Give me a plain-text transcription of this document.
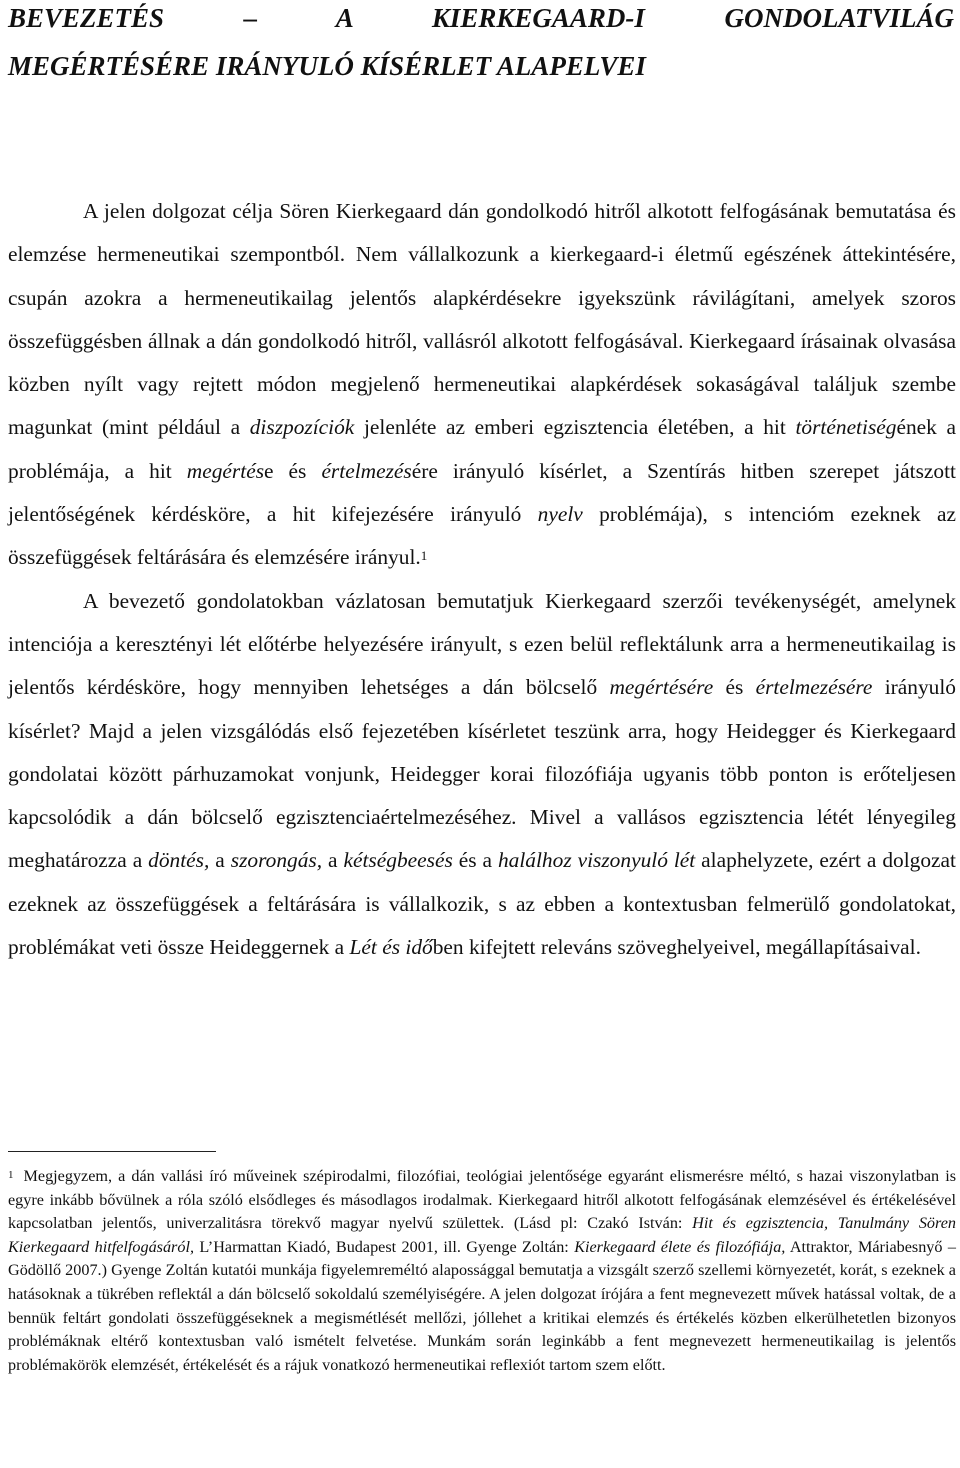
BEVEZETÉS	–	A	KIERKEGAARD-I	GONDOLATVILÁG
MEGÉRTÉSÉRE IRÁNYULÓ KÍSÉRLET ALAPELVEI

A jelen dolgozat célja Sören Kierkegaard dán gondolkodó hitről alkotott felfogásának bemutatása és elemzése hermeneutikai szempontból. Nem vállalkozunk a kierkegaard-i életmű egészének áttekintésére, csupán azokra a hermeneutikailag jelentős alapkérdésekre igyekszünk rávilágítani, amelyek szoros összefüggésben állnak a dán gondolkodó hitről, vallásról alkotott felfogásával. Kierkegaard írásainak olvasása közben nyílt vagy rejtett módon megjelenő hermeneutikai alapkérdések sokaságával találjuk szembe magunkat (mint például a diszpozíciók jelenléte az emberi egzisztencia életében, a hit történetiségének a problémája, a hit megértése és értelmezésére irányuló kísérlet, a Szentírás hitben szerepet játszott jelentőségének kérdésköre, a hit kifejezésére irányuló nyelv problémája), s intencióm ezeknek az összefüggések feltárására és elemzésére irányul.$^1$

A bevezető gondolatokban vázlatosan bemutatjuk Kierkegaard szerzői tevékenységét, amelynek intenciója a keresztényi lét előtérbe helyezésére irányult, s ezen belül reflektálunk arra a hermeneutikailag is jelentős kérdésköre, hogy mennyiben lehetséges a dán bölcselő megértésére és értelmezésére irányuló kísérlet? Majd a jelen vizsgálódás első fejezetében kísérletet teszünk arra, hogy Heidegger és Kierkegaard gondolatai között párhuzamokat vonjunk, Heidegger korai filozófiája ugyanis több ponton is erőteljesen kapcsolódik a dán bölcselő egzisztenciaértelmezéséhez. Mivel a vallásos egzisztencia létét lényegileg meghatározza a döntés, a szorongás, a kétségbeesés és a halálhoz viszonyuló lét alaphelyzete, ezért a dolgozat ezeknek az összefüggések a feltárására is vállalkozik, s az ebben a kontextusban felmerülő gondolatokat, problémákat veti össze Heideggernek a Lét és időben kifejtett releváns szöveghelyeivel, megállapításaival.

$^1$ Megjegyzem, a dán vallási író műveinek szépirodalmi, filozófiai, teológiai jelentősége egyaránt elismerésre méltó, s hazai viszonylatban is egyre inkább bővülnek a róla szóló elsődleges és másodlagos irodalmak. Kierkegaard hitről alkotott felfogásának elemzésével és értékelésével kapcsolatban jelentős, univerzalitásra törekvő magyar nyelvű születtek. (Lásd pl: Czakó István: Hit és egzisztencia, Tanulmány Sören Kierkegaard hitfelfogásáról, L’Harmattan Kiadó, Budapest 2001, ill. Gyenge Zoltán: Kierkegaard élete és filozófiája, Attraktor, Máriabesnyő – Gödöllő 2007.) Gyenge Zoltán kutatói munkája figyelemreméltó alapossággal bemutatja a vizsgált szerző szellemi környezetét, korát, s ezeknek a hatásoknak a tükrében reflektál a dán bölcselő sokoldalú személyiségére. A jelen dolgozat írójára a fent megnevezett művek hatással voltak, de a bennük feltárt gondolati összefüggéseknek a megismétlését mellőzi, jóllehet a kritikai elemzés és értékelés közben elkerülhetetlen bizonyos problémáknak eltérő kontextusban való ismételt felvetése. Munkám során leginkább a fent megnevezett hermeneutikailag is jelentős problémakörök elemzését, értékelését és a rájuk vonatkozó hermeneutikai reflexiót tartom szem előtt.
